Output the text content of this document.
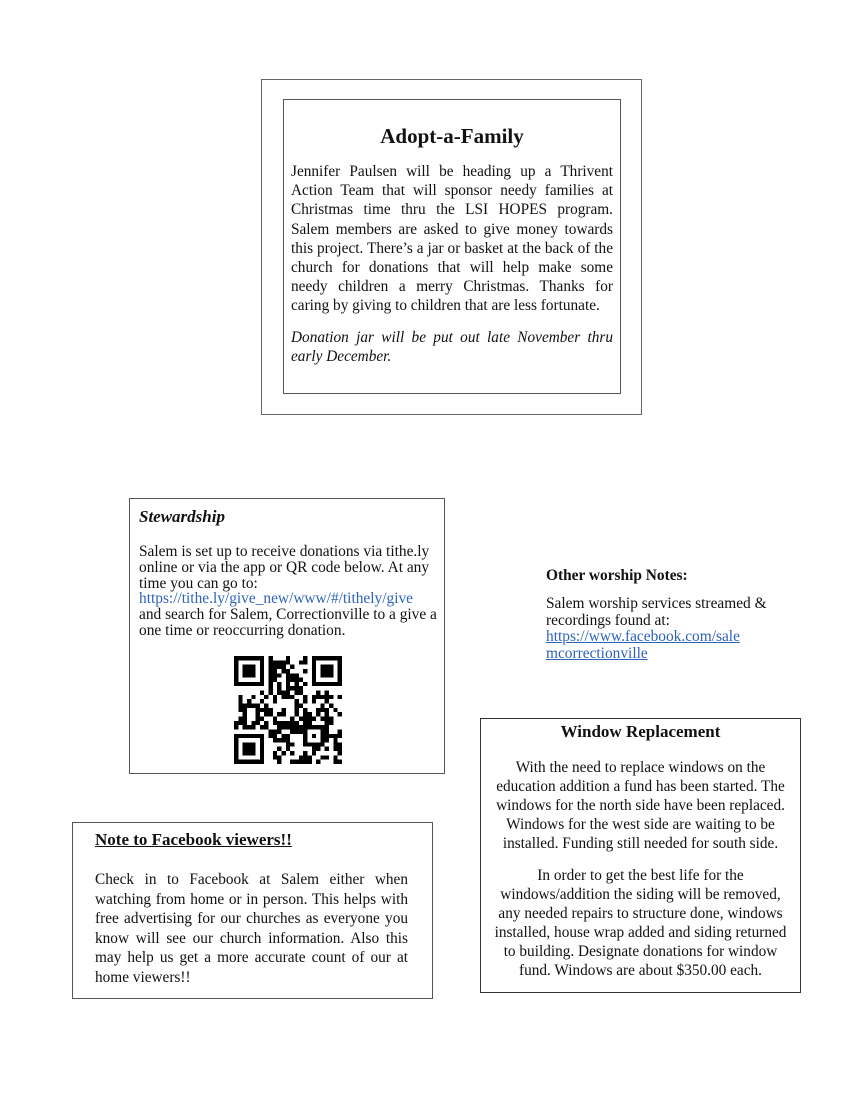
Adopt-a-Family

Jennifer Paulsen will be heading up a Thrivent Action Team that will sponsor needy families at Christmas time thru the LSI HOPES program. Salem members are asked to give money towards this project. There’s a jar or basket at the back of the church for donations that will help make some needy children a merry Christmas. Thanks for caring by giving to children that are less fortunate.

Donation jar will be put out late November thru early December.

Stewardship
Salem is set up to receive donations via tithe.ly online or via the app or QR code below. At any time you can go to:
https://tithe.ly/give_new/www/#/tithely/give
and search for Salem, Correctionville to a give a one time or reoccurring donation.
Other worship Notes:
Salem worship services streamed & recordings found at:
https://www.facebook.com/sale
mcorrectionville
Window Replacement

With the need to replace windows on the
education addition a fund has been started. The
windows for the north side have been replaced.
Windows for the west side are waiting to be
installed. Funding still needed for south side.

In order to get the best life for the
windows/addition the siding will be removed,
any needed repairs to structure done, windows
installed, house wrap added and siding returned
to building. Designate donations for window
fund. Windows are about $350.00 each.

Note to Facebook viewers!!
Check in to Facebook at Salem either when watching from home or in person. This helps with free advertising for our churches as everyone you know will see our church information. Also this may help us get a more accurate count of our at home viewers!!
